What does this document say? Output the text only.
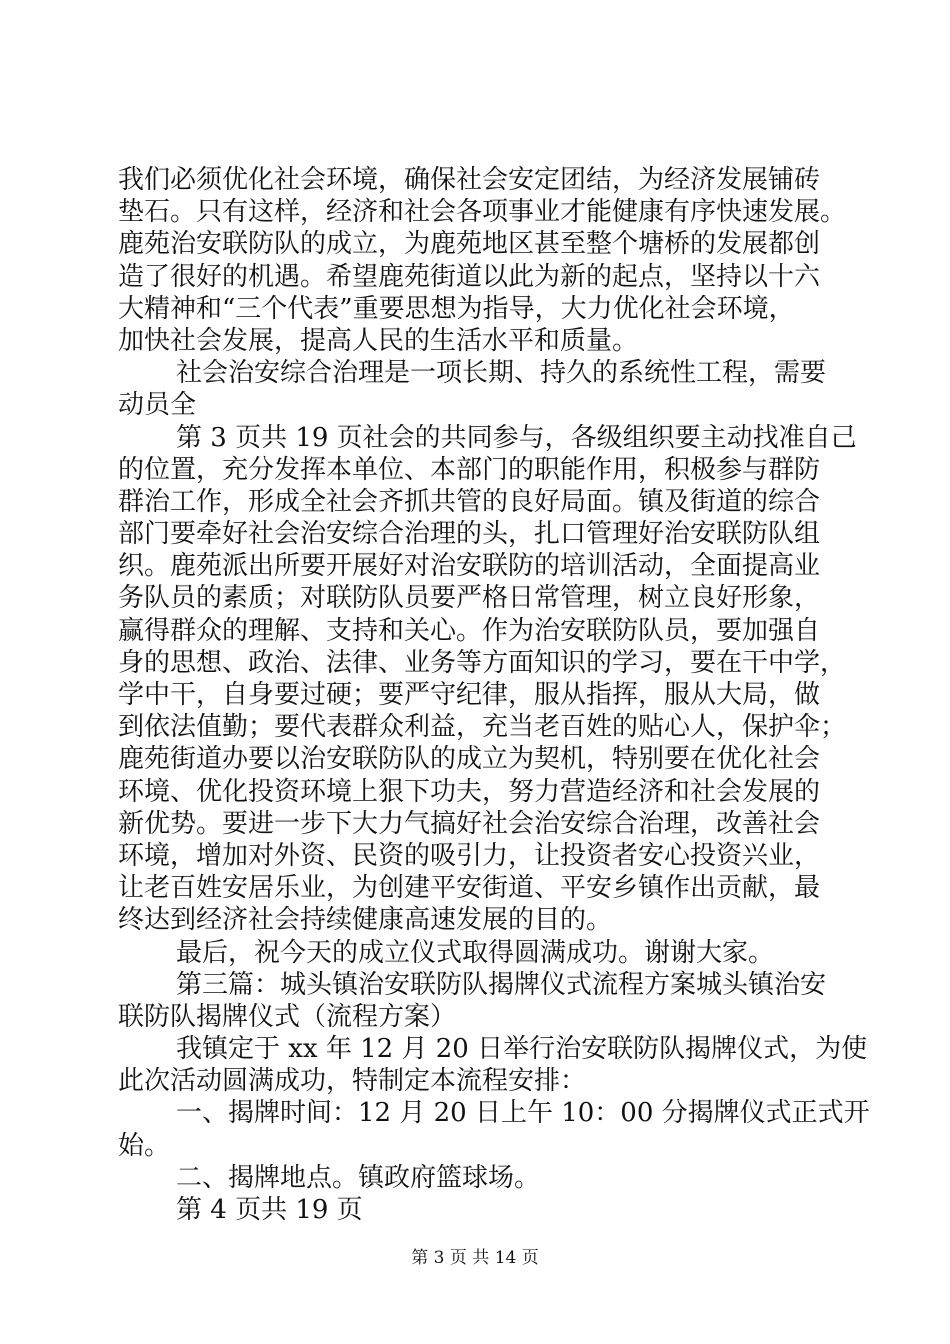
我们必须优化社会环境，确保社会安定团结，为经济发展铺砖
垫石。只有这样，经济和社会各项事业才能健康有序快速发展。
鹿苑治安联防队的成立，为鹿苑地区甚至整个塘桥的发展都创
造了很好的机遇。希望鹿苑街道以此为新的起点，坚持以十六
大精神和“三个代表”重要思想为指导，大力优化社会环境，
加快社会发展，提高人民的生活水平和质量。
社会治安综合治理是一项长期、持久的系统性工程，需要
动员全
第 3 页共 19 页社会的共同参与，各级组织要主动找准自己
的位置，充分发挥本单位、本部门的职能作用，积极参与群防
群治工作，形成全社会齐抓共管的良好局面。镇及街道的综合
部门要牵好社会治安综合治理的头，扎口管理好治安联防队组
织。鹿苑派出所要开展好对治安联防的培训活动，全面提高业
务队员的素质；对联防队员要严格日常管理，树立良好形象，
赢得群众的理解、支持和关心。作为治安联防队员，要加强自
身的思想、政治、法律、业务等方面知识的学习，要在干中学，
学中干，自身要过硬；要严守纪律，服从指挥，服从大局，做
到依法值勤；要代表群众利益，充当老百姓的贴心人，保护伞；
鹿苑街道办要以治安联防队的成立为契机，特别要在优化社会
环境、优化投资环境上狠下功夫，努力营造经济和社会发展的
新优势。要进一步下大力气搞好社会治安综合治理，改善社会
环境，增加对外资、民资的吸引力，让投资者安心投资兴业，
让老百姓安居乐业，为创建平安街道、平安乡镇作出贡献，最
终达到经济社会持续健康高速发展的目的。
最后，祝今天的成立仪式取得圆满成功。谢谢大家。
第三篇：城头镇治安联防队揭牌仪式流程方案城头镇治安
联防队揭牌仪式（流程方案）
我镇定于 xx 年 12 月 20 日举行治安联防队揭牌仪式，为使
此次活动圆满成功，特制定本流程安排：
一、揭牌时间：12 月 20 日上午 10：00 分揭牌仪式正式开
始。
二、揭牌地点。镇政府篮球场。
第 4 页共 19 页
第 3 页 共 14 页
